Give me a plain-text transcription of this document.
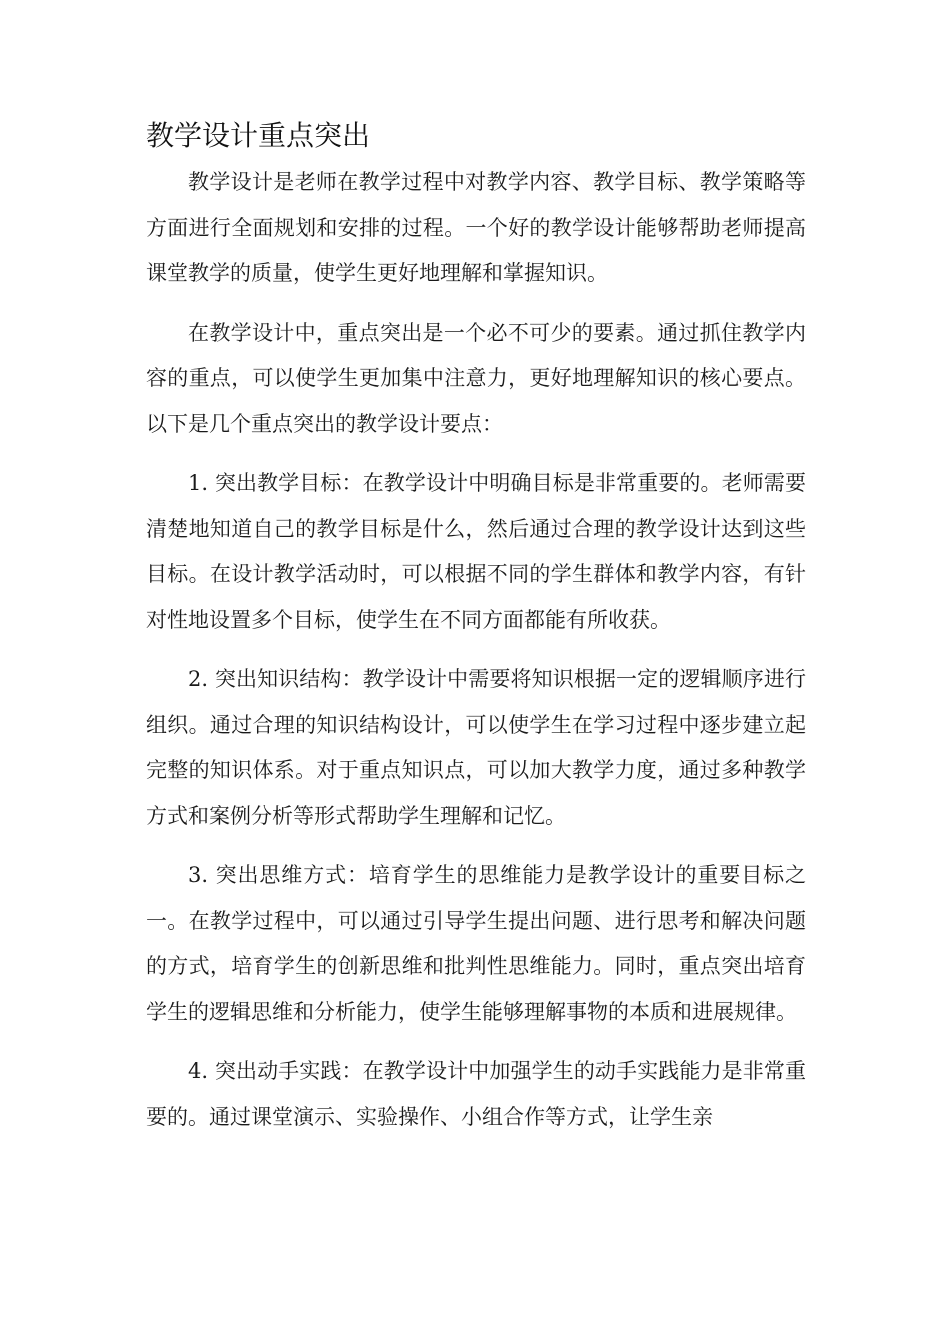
教学设计重点突出

教学设计是老师在教学过程中对教学内容、教学目标、教学策略等方面进行全面规划和安排的过程。一个好的教学设计能够帮助老师提高课堂教学的质量，使学生更好地理解和掌握知识。

在教学设计中，重点突出是一个必不可少的要素。通过抓住教学内容的重点，可以使学生更加集中注意力，更好地理解知识的核心要点。以下是几个重点突出的教学设计要点：

1. 突出教学目标：在教学设计中明确目标是非常重要的。老师需要清楚地知道自己的教学目标是什么，然后通过合理的教学设计达到这些目标。在设计教学活动时，可以根据不同的学生群体和教学内容，有针对性地设置多个目标，使学生在不同方面都能有所收获。

2. 突出知识结构：教学设计中需要将知识根据一定的逻辑顺序进行组织。通过合理的知识结构设计，可以使学生在学习过程中逐步建立起完整的知识体系。对于重点知识点，可以加大教学力度，通过多种教学方式和案例分析等形式帮助学生理解和记忆。

3. 突出思维方式：培育学生的思维能力是教学设计的重要目标之一。在教学过程中，可以通过引导学生提出问题、进行思考和解决问题的方式，培育学生的创新思维和批判性思维能力。同时，重点突出培育学生的逻辑思维和分析能力，使学生能够理解事物的本质和进展规律。

4. 突出动手实践：在教学设计中加强学生的动手实践能力是非常重要的。通过课堂演示、实验操作、小组合作等方式，让学生亲
